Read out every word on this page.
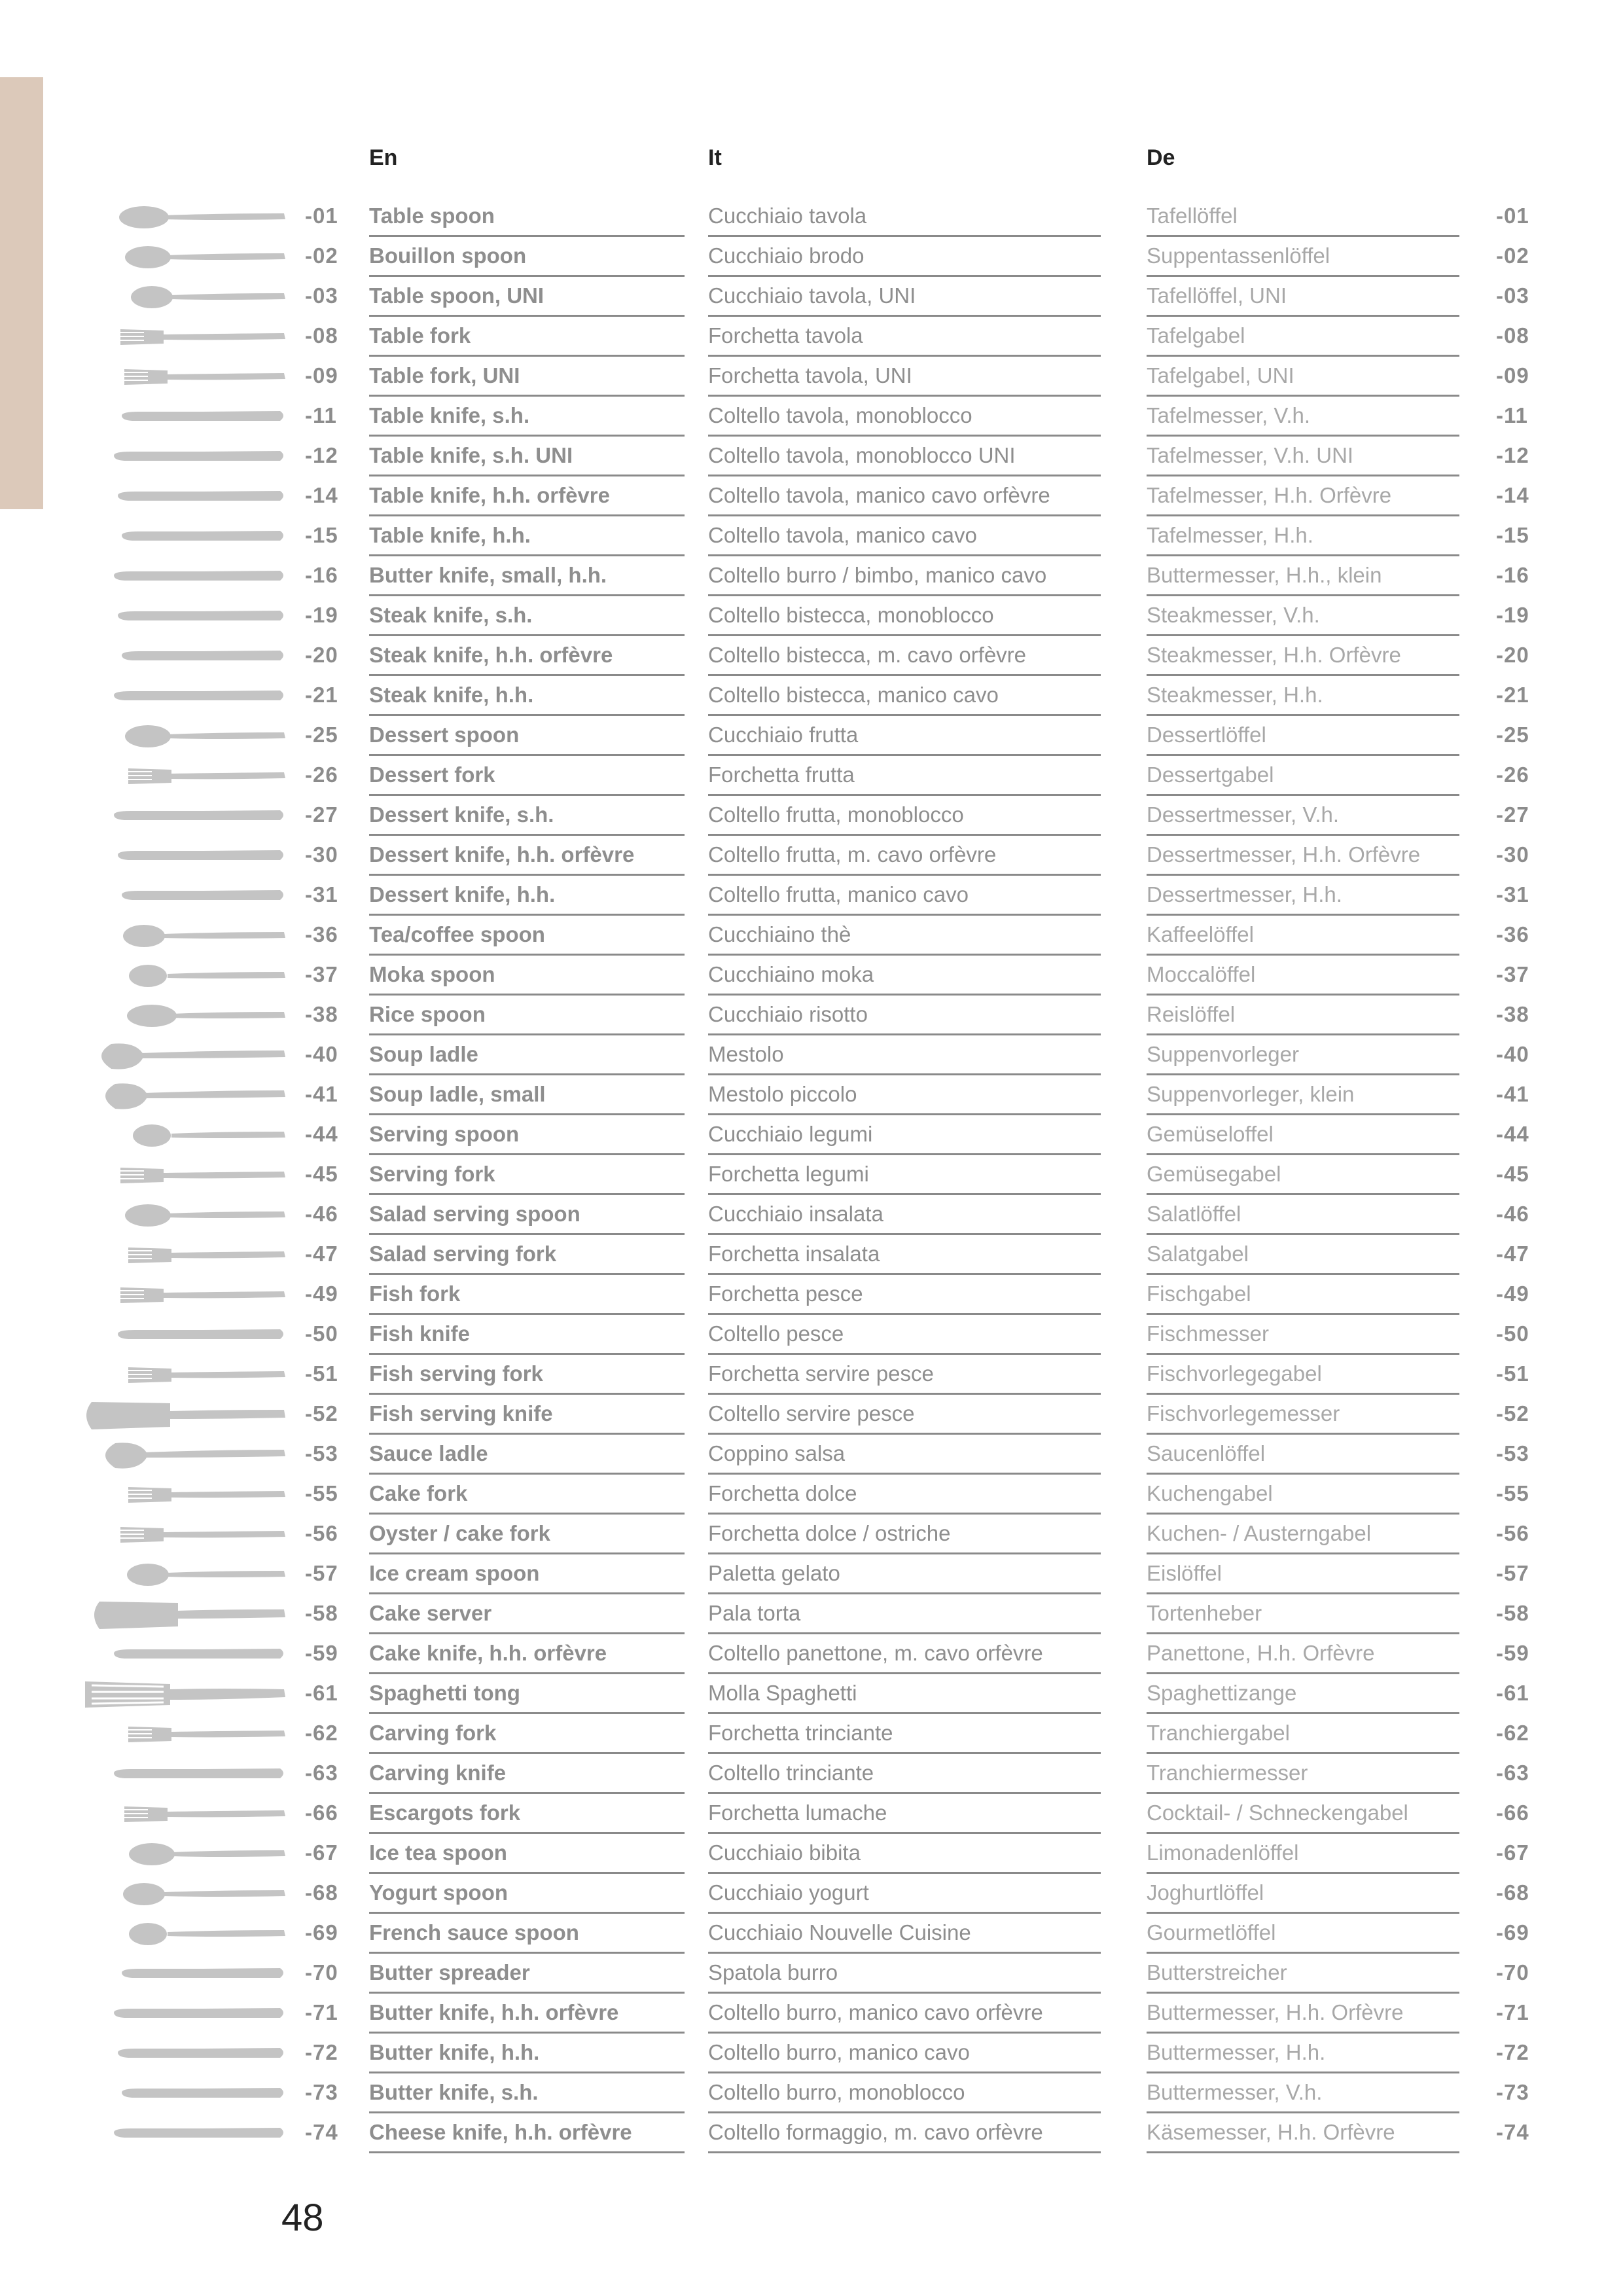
En	It	De
-01	Table spoon	Cucchiaio tavola	Tafellöffel	-01
-02	Bouillon spoon	Cucchiaio brodo	Suppentassenlöffel	-02
-03	Table spoon, UNI	Cucchiaio tavola, UNI	Tafellöffel, UNI	-03
-08	Table fork	Forchetta tavola	Tafelgabel	-08
-09	Table fork, UNI	Forchetta tavola, UNI	Tafelgabel, UNI	-09
-11	Table knife, s.h.	Coltello tavola, monoblocco	Tafelmesser, V.h.	-11
-12	Table knife, s.h. UNI	Coltello tavola, monoblocco UNI	Tafelmesser, V.h. UNI	-12
-14	Table knife, h.h. orfèvre	Coltello tavola, manico cavo orfèvre	Tafelmesser, H.h. Orfèvre	-14
-15	Table knife, h.h.	Coltello tavola, manico cavo	Tafelmesser, H.h.	-15
-16	Butter knife, small, h.h.	Coltello burro / bimbo, manico cavo	Buttermesser, H.h., klein	-16
-19	Steak knife, s.h.	Coltello bistecca, monoblocco	Steakmesser, V.h.	-19
-20	Steak knife, h.h. orfèvre	Coltello bistecca, m. cavo orfèvre	Steakmesser, H.h. Orfèvre	-20
-21	Steak knife, h.h.	Coltello bistecca, manico cavo	Steakmesser, H.h.	-21
-25	Dessert spoon	Cucchiaio frutta	Dessertlöffel	-25
-26	Dessert fork	Forchetta frutta	Dessertgabel	-26
-27	Dessert knife, s.h.	Coltello frutta, monoblocco	Dessertmesser, V.h.	-27
-30	Dessert knife, h.h. orfèvre	Coltello frutta, m. cavo orfèvre	Dessertmesser, H.h. Orfèvre	-30
-31	Dessert knife, h.h.	Coltello frutta, manico cavo	Dessertmesser, H.h.	-31
-36	Tea/coffee spoon	Cucchiaino thè	Kaffeelöffel	-36
-37	Moka spoon	Cucchiaino moka	Moccalöffel	-37
-38	Rice spoon	Cucchiaio risotto	Reislöffel	-38
-40	Soup ladle	Mestolo	Suppenvorleger	-40
-41	Soup ladle, small	Mestolo piccolo	Suppenvorleger, klein	-41
-44	Serving spoon	Cucchiaio legumi	Gemüseloffel	-44
-45	Serving fork	Forchetta legumi	Gemüsegabel	-45
-46	Salad serving spoon	Cucchiaio insalata	Salatlöffel	-46
-47	Salad serving fork	Forchetta insalata	Salatgabel	-47
-49	Fish fork	Forchetta pesce	Fischgabel	-49
-50	Fish knife	Coltello pesce	Fischmesser	-50
-51	Fish serving fork	Forchetta servire pesce	Fischvorlegegabel	-51
-52	Fish serving knife	Coltello servire pesce	Fischvorlegemesser	-52
-53	Sauce ladle	Coppino salsa	Saucenlöffel	-53
-55	Cake fork	Forchetta dolce	Kuchengabel	-55
-56	Oyster / cake fork	Forchetta dolce / ostriche	Kuchen- / Austerngabel	-56
-57	Ice cream spoon	Paletta gelato	Eislöffel	-57
-58	Cake server	Pala torta	Tortenheber	-58
-59	Cake knife, h.h. orfèvre	Coltello panettone, m. cavo orfèvre	Panettone, H.h. Orfèvre	-59
-61	Spaghetti tong	Molla Spaghetti	Spaghettizange	-61
-62	Carving fork	Forchetta trinciante	Tranchiergabel	-62
-63	Carving knife	Coltello trinciante	Tranchiermesser	-63
-66	Escargots fork	Forchetta lumache	Cocktail- / Schneckengabel	-66
-67	Ice tea spoon	Cucchiaio bibita	Limonadenlöffel	-67
-68	Yogurt spoon	Cucchiaio yogurt	Joghurtlöffel	-68
-69	French sauce spoon	Cucchiaio Nouvelle Cuisine	Gourmetlöffel	-69
-70	Butter spreader	Spatola burro	Butterstreicher	-70
-71	Butter knife, h.h. orfèvre	Coltello burro, manico cavo orfèvre	Buttermesser, H.h. Orfèvre	-71
-72	Butter knife, h.h.	Coltello burro, manico cavo	Buttermesser, H.h.	-72
-73	Butter knife, s.h.	Coltello burro, monoblocco	Buttermesser, V.h.	-73
-74	Cheese knife, h.h. orfèvre	Coltello formaggio, m. cavo orfèvre	Käsemesser, H.h. Orfèvre	-74
48
